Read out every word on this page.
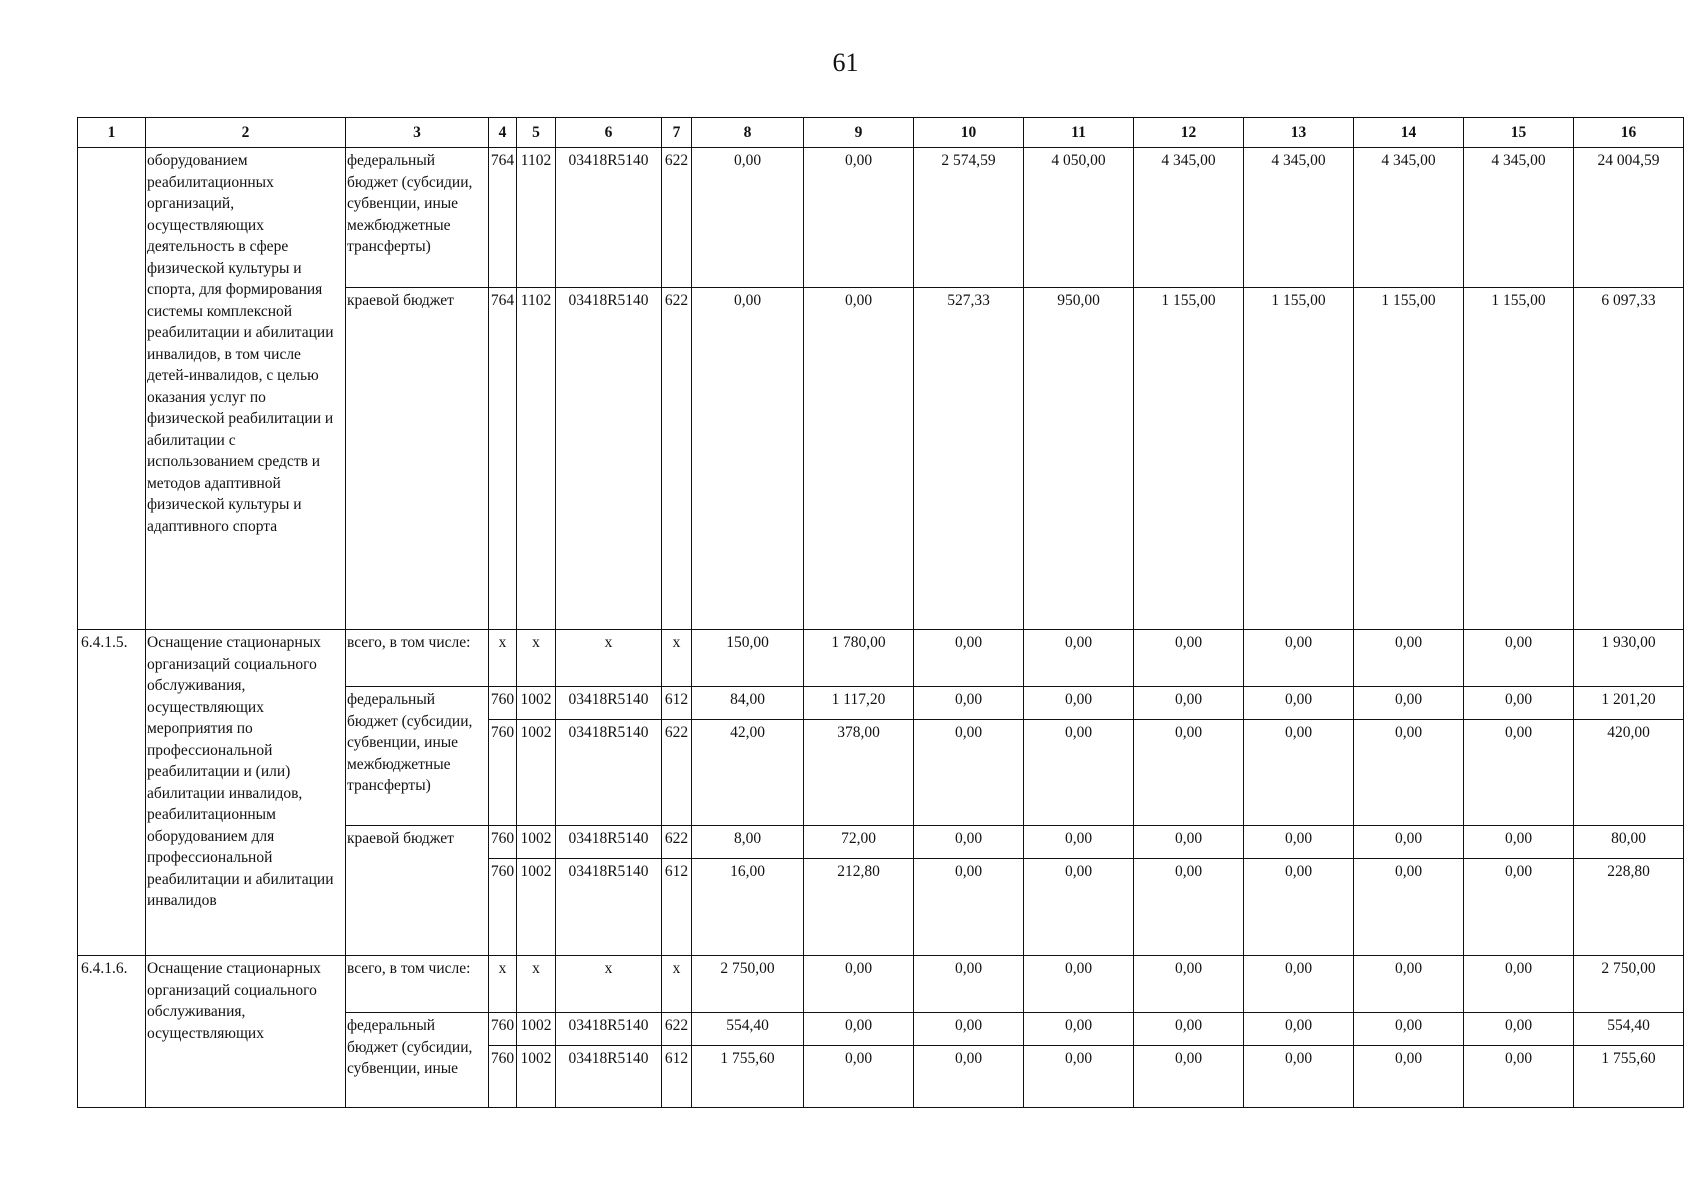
61
1	2	3	4	5	6	7	8	9	10	11	12	13	14	15	16
	оборудованием реабилитационных организаций, осуществляющих деятельность в сфере физической культуры и спорта, для формирования системы комплексной реабилитации и абилитации инвалидов, в том числе детей-инвалидов, с целью оказания услуг по физической реабилитации и абилитации с использованием средств и методов адаптивной физической культуры и адаптивного спорта	федеральный бюджет (субсидии, субвенции, иные межбюджетные трансферты)	764	1102	03418R5140	622	0,00	0,00	2 574,59	4 050,00	4 345,00	4 345,00	4 345,00	4 345,00	24 004,59
		краевой бюджет	764	1102	03418R5140	622	0,00	0,00	527,33	950,00	1 155,00	1 155,00	1 155,00	1 155,00	6 097,33
6.4.1.5.	Оснащение стационарных организаций социального обслуживания, осуществляющих мероприятия по профессиональной реабилитации и (или) абилитации инвалидов, реабилитационным оборудованием для профессиональной реабилитации и абилитации инвалидов	всего, в том числе:	x	x	x	x	150,00	1 780,00	0,00	0,00	0,00	0,00	0,00	0,00	1 930,00
		федеральный бюджет (субсидии, субвенции, иные межбюджетные трансферты)	760	1002	03418R5140	612	84,00	1 117,20	0,00	0,00	0,00	0,00	0,00	0,00	1 201,20
			760	1002	03418R5140	622	42,00	378,00	0,00	0,00	0,00	0,00	0,00	0,00	420,00
		краевой бюджет	760	1002	03418R5140	622	8,00	72,00	0,00	0,00	0,00	0,00	0,00	0,00	80,00
			760	1002	03418R5140	612	16,00	212,80	0,00	0,00	0,00	0,00	0,00	0,00	228,80
6.4.1.6.	Оснащение стационарных организаций социального обслуживания, осуществляющих	всего, в том числе:	x	x	x	x	2 750,00	0,00	0,00	0,00	0,00	0,00	0,00	0,00	2 750,00
		федеральный бюджет (субсидии, субвенции, иные	760	1002	03418R5140	622	554,40	0,00	0,00	0,00	0,00	0,00	0,00	0,00	554,40
			760	1002	03418R5140	612	1 755,60	0,00	0,00	0,00	0,00	0,00	0,00	0,00	1 755,60
